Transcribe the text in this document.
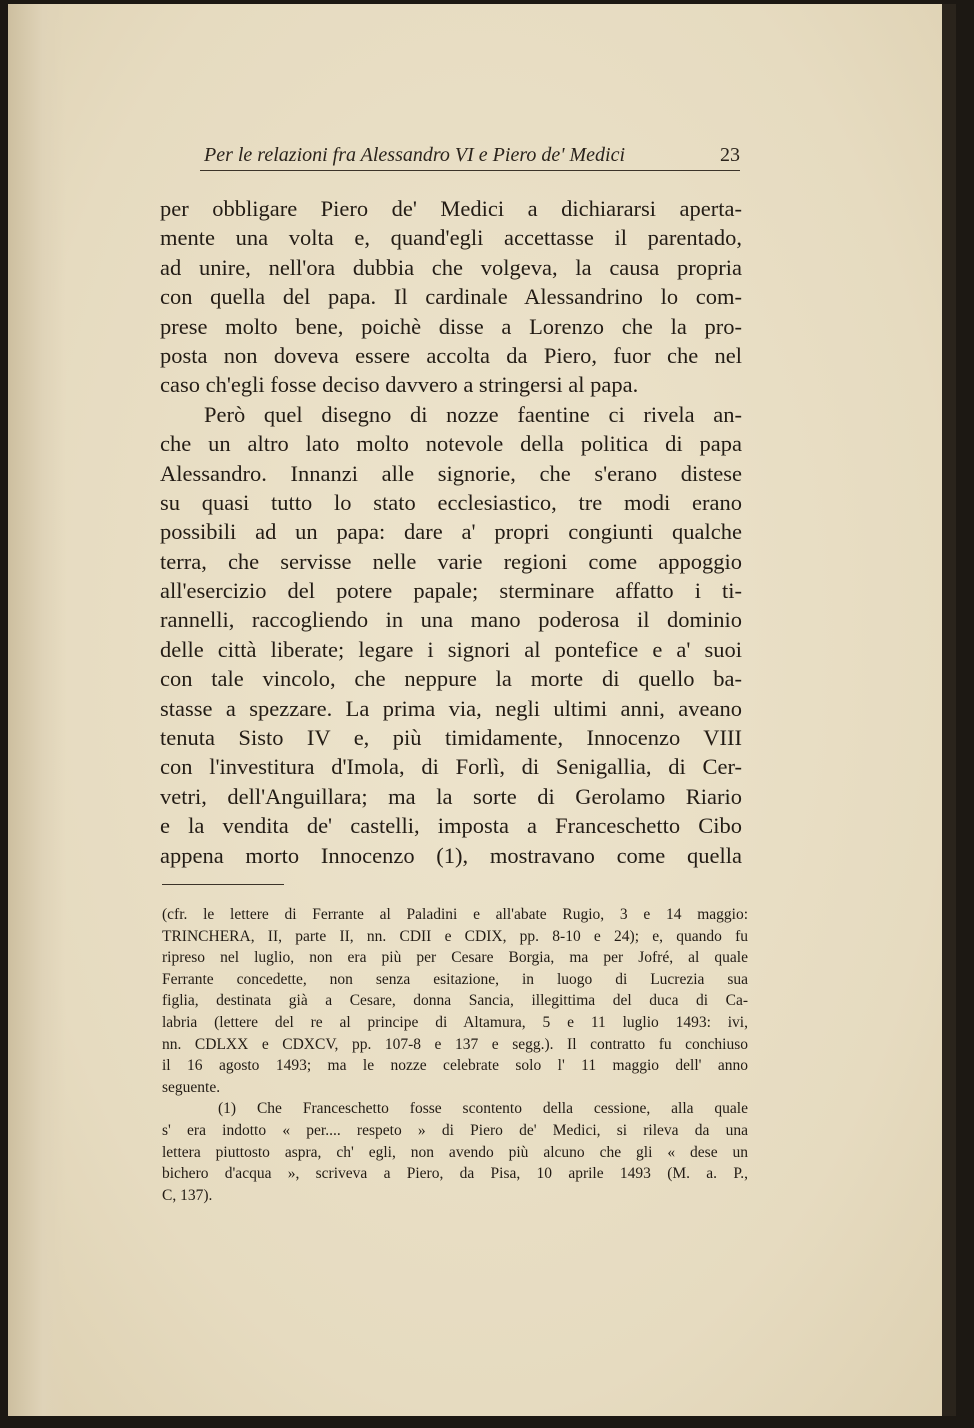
Per le relazioni fra Alessandro VI e Piero de' Medici	23
per obbligare Piero de' Medici a dichiararsi aperta-
mente una volta e, quand'egli accettasse il parentado,
ad unire, nell'ora dubbia che volgeva, la causa propria
con quella del papa. Il cardinale Alessandrino lo com-
prese molto bene, poichè disse a Lorenzo che la pro-
posta non doveva essere accolta da Piero, fuor che nel
caso ch'egli fosse deciso davvero a stringersi al papa.
Però quel disegno di nozze faentine ci rivela an-
che un altro lato molto notevole della politica di papa
Alessandro. Innanzi alle signorie, che s'erano distese
su quasi tutto lo stato ecclesiastico, tre modi erano
possibili ad un papa: dare a' propri congiunti qualche
terra, che servisse nelle varie regioni come appoggio
all'esercizio del potere papale; sterminare affatto i ti-
rannelli, raccogliendo in una mano poderosa il dominio
delle città liberate; legare i signori al pontefice e a' suoi
con tale vincolo, che neppure la morte di quello ba-
stasse a spezzare. La prima via, negli ultimi anni, aveano
tenuta Sisto IV e, più timidamente, Innocenzo VIII
con l'investitura d'Imola, di Forlì, di Senigallia, di Cer-
vetri, dell'Anguillara; ma la sorte di Gerolamo Riario
e la vendita de' castelli, imposta a Franceschetto Cibo
appena morto Innocenzo (1), mostravano come quella
(cfr. le lettere di Ferrante al Paladini e all'abate Rugio, 3 e 14 maggio:
TRINCHERA, II, parte II, nn. CDII e CDIX, pp. 8-10 e 24); e, quando fu
ripreso nel luglio, non era più per Cesare Borgia, ma per Jofré, al quale
Ferrante concedette, non senza esitazione, in luogo di Lucrezia sua
figlia, destinata già a Cesare, donna Sancia, illegittima del duca di Ca-
labria (lettere del re al principe di Altamura, 5 e 11 luglio 1493: ivi,
nn. CDLXX e CDXCV, pp. 107-8 e 137 e segg.). Il contratto fu conchiuso
il 16 agosto 1493; ma le nozze celebrate solo l' 11 maggio dell' anno
seguente.
(1) Che Franceschetto fosse scontento della cessione, alla quale
s' era indotto « per.... respeto » di Piero de' Medici, si rileva da una
lettera piuttosto aspra, ch' egli, non avendo più alcuno che gli « dese un
bichero d'acqua », scriveva a Piero, da Pisa, 10 aprile 1493 (M. a. P.,
C, 137).
